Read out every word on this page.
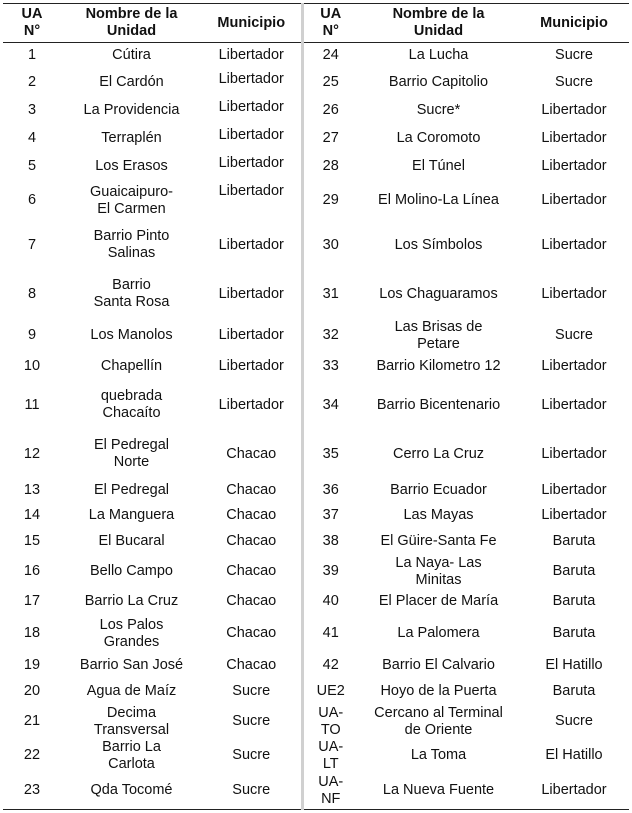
UA
N°	Nombre de la
Unidad	Municipio	UA
N°	Nombre de la
Unidad	Municipio

1	Cútira	Libertador	24	La Lucha	Sucre

2	El Cardón	Libertador	25	Barrio Capitolio	Sucre

3	La Providencia	Libertador	26	Sucre*	Libertador

4	Terraplén	Libertador	27	La Coromoto	Libertador

5	Los Erasos	Libertador	28	El Túnel	Libertador

6	Guaicaipuro-
El Carmen	Libertador	29	El Molino-La Línea	Libertador

7	Barrio Pinto
Salinas	Libertador	30	Los Símbolos	Libertador

8	Barrio
Santa Rosa	Libertador	31	Los Chaguaramos	Libertador

9	Los Manolos	Libertador	32	Las Brisas de
Petare	Sucre

10	Chapellín	Libertador	33	Barrio Kilometro 12	Libertador

11	quebrada
Chacaíto	Libertador	34	Barrio Bicentenario	Libertador

12	El Pedregal
Norte	Chacao	35	Cerro La Cruz	Libertador

13	El Pedregal	Chacao	36	Barrio Ecuador	Libertador

14	La Manguera	Chacao	37	Las Mayas	Libertador

15	El Bucaral	Chacao	38	El Güire-Santa Fe	Baruta

16	Bello Campo	Chacao	39	La Naya- Las
Minitas	Baruta

17	Barrio La Cruz	Chacao	40	El Placer de María	Baruta

18	Los Palos
Grandes	Chacao	41	La Palomera	Baruta

19	Barrio San José	Chacao	42	Barrio El Calvario	El Hatillo

20	Agua de Maíz	Sucre	UE2	Hoyo de la Puerta	Baruta

21	Decima
Transversal	Sucre	UA-
TO	Cercano al Terminal
de Oriente	Sucre

22	Barrio La
Carlota	Sucre	UA-
LT	La Toma	El Hatillo

23	Qda Tocomé	Sucre	UA-
NF	La Nueva Fuente	Libertador
